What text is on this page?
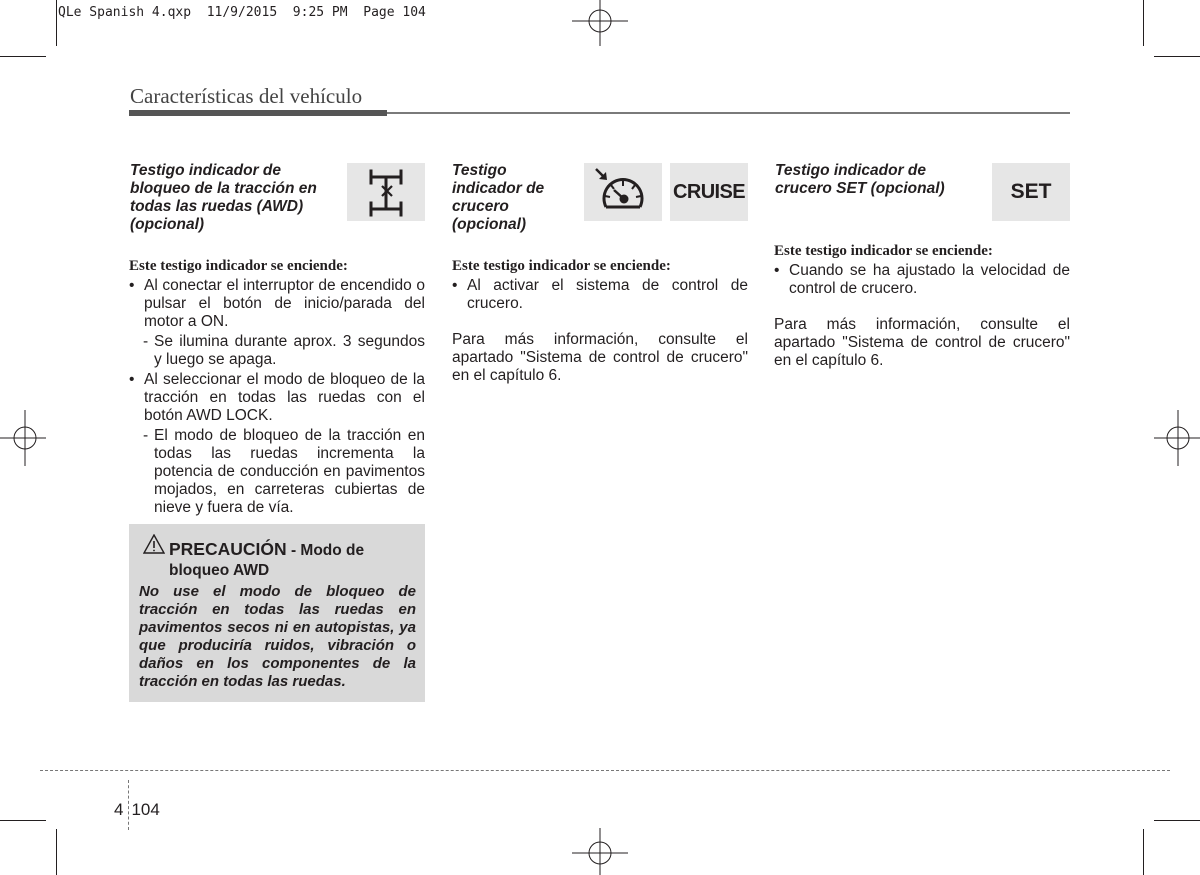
QLe Spanish 4.qxp  11/9/2015  9:25 PM  Page 104
Características del vehículo
Testigo indicador de
bloqueo de la tracción en
todas las ruedas (AWD)
(opcional)
Este testigo indicador se enciende:
• Al conectar el interruptor de encendido o pulsar el botón de inicio/parada del motor a ON.
- Se ilumina durante aprox. 3 segundos y luego se apaga.
• Al seleccionar el modo de bloqueo de la tracción en todas las ruedas con el botón AWD LOCK.
- El modo de bloqueo de la tracción en todas las ruedas incrementa la potencia de conducción en pavimentos mojados, en carreteras cubiertas de nieve y fuera de vía.
PRECAUCIÓN - Modo de
bloqueo AWD
No use el modo de bloqueo de tracción en todas las ruedas en pavimentos secos ni en autopistas, ya que produciría ruidos, vibración o daños en los componentes de la tracción en todas las ruedas.
Testigo
indicador de
crucero
(opcional)
CRUISE
Este testigo indicador se enciende:
• Al activar el sistema de control de crucero.
Para más información, consulte el apartado "Sistema de control de crucero" en el capítulo 6.
Testigo indicador de
crucero SET (opcional)	SET
Este testigo indicador se enciende:
• Cuando se ha ajustado la velocidad de control de crucero.
Para más información, consulte el apartado "Sistema de control de crucero" en el capítulo 6.
4 104
